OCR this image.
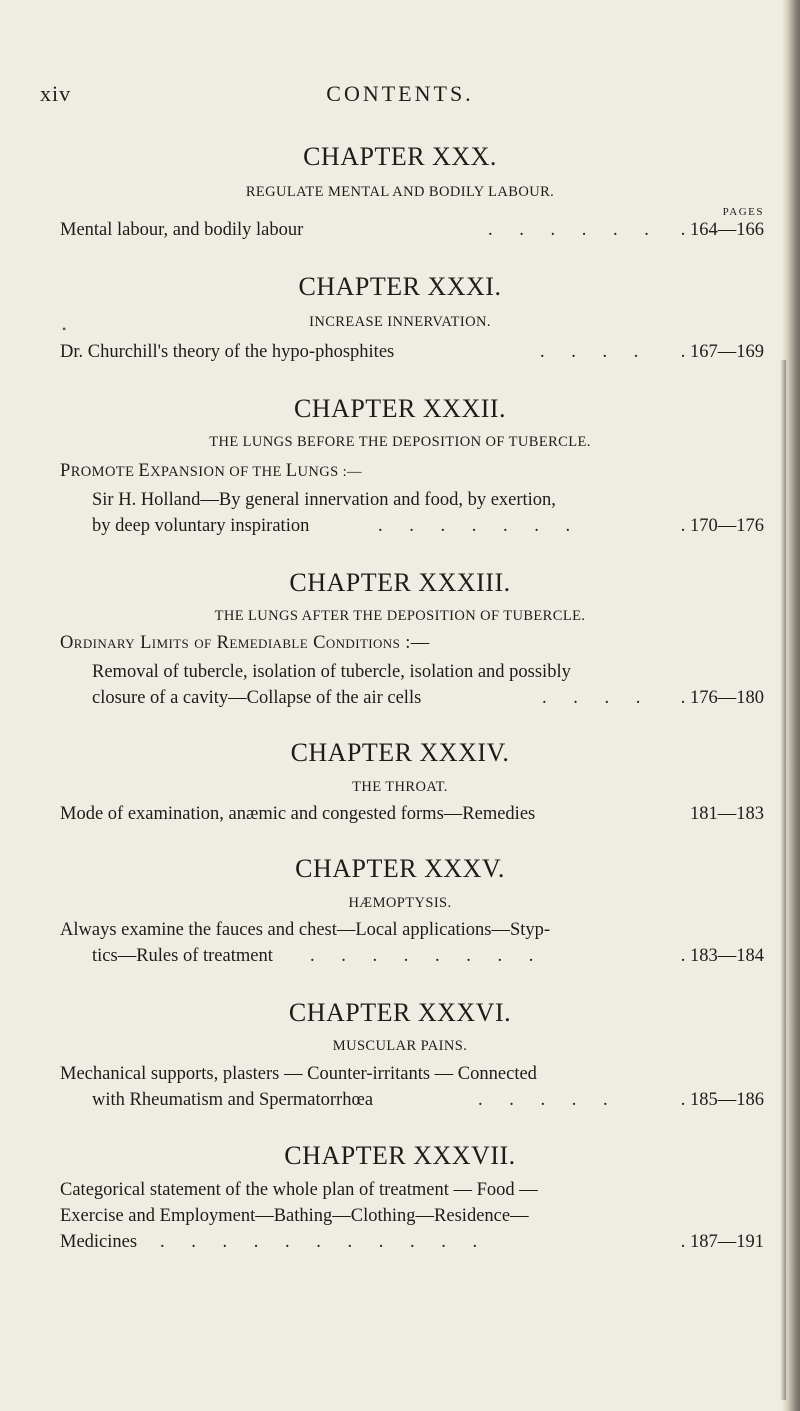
xiv	CONTENTS.
CHAPTER XXX.
REGULATE MENTAL AND BODILY LABOUR.
PAGES
Mental labour, and bodily labour	. . . . . . . 164—166
CHAPTER XXXI.
•	INCREASE INNERVATION.
Dr. Churchill's theory of the hypo-phosphites	. . . . . 167—169
CHAPTER XXXII.
THE LUNGS BEFORE THE DEPOSITION OF TUBERCLE.
PROMOTE EXPANSION OF THE LUNGS :—
Sir H. Holland—By general innervation and food, by exertion,
by deep voluntary inspiration	. . . . . . .	. 170—176
CHAPTER XXXIII.
THE LUNGS AFTER THE DEPOSITION OF TUBERCLE.
Ordinary Limits of Remediable Conditions :—
Removal of tubercle, isolation of tubercle, isolation and possibly
closure of a cavity—Collapse of the air cells	. . . . . 176—180
CHAPTER XXXIV.
THE THROAT.
Mode of examination, anæmic and congested forms—Remedies	181—183
CHAPTER XXXV.
HÆMOPTYSIS.
Always examine the fauces and chest—Local applications—Styp-
tics—Rules of treatment . . . . . . . .	. 183—184
CHAPTER XXXVI.
MUSCULAR PAINS.
Mechanical supports, plasters — Counter-irritants — Connected
with Rheumatism and Spermatorrhœa	. . . . .	. 185—186
CHAPTER XXXVII.
Categorical statement of the whole plan of treatment — Food —
Exercise and Employment—Bathing—Clothing—Residence—
Medicines . . . . . . . . . . .	. 187—191
